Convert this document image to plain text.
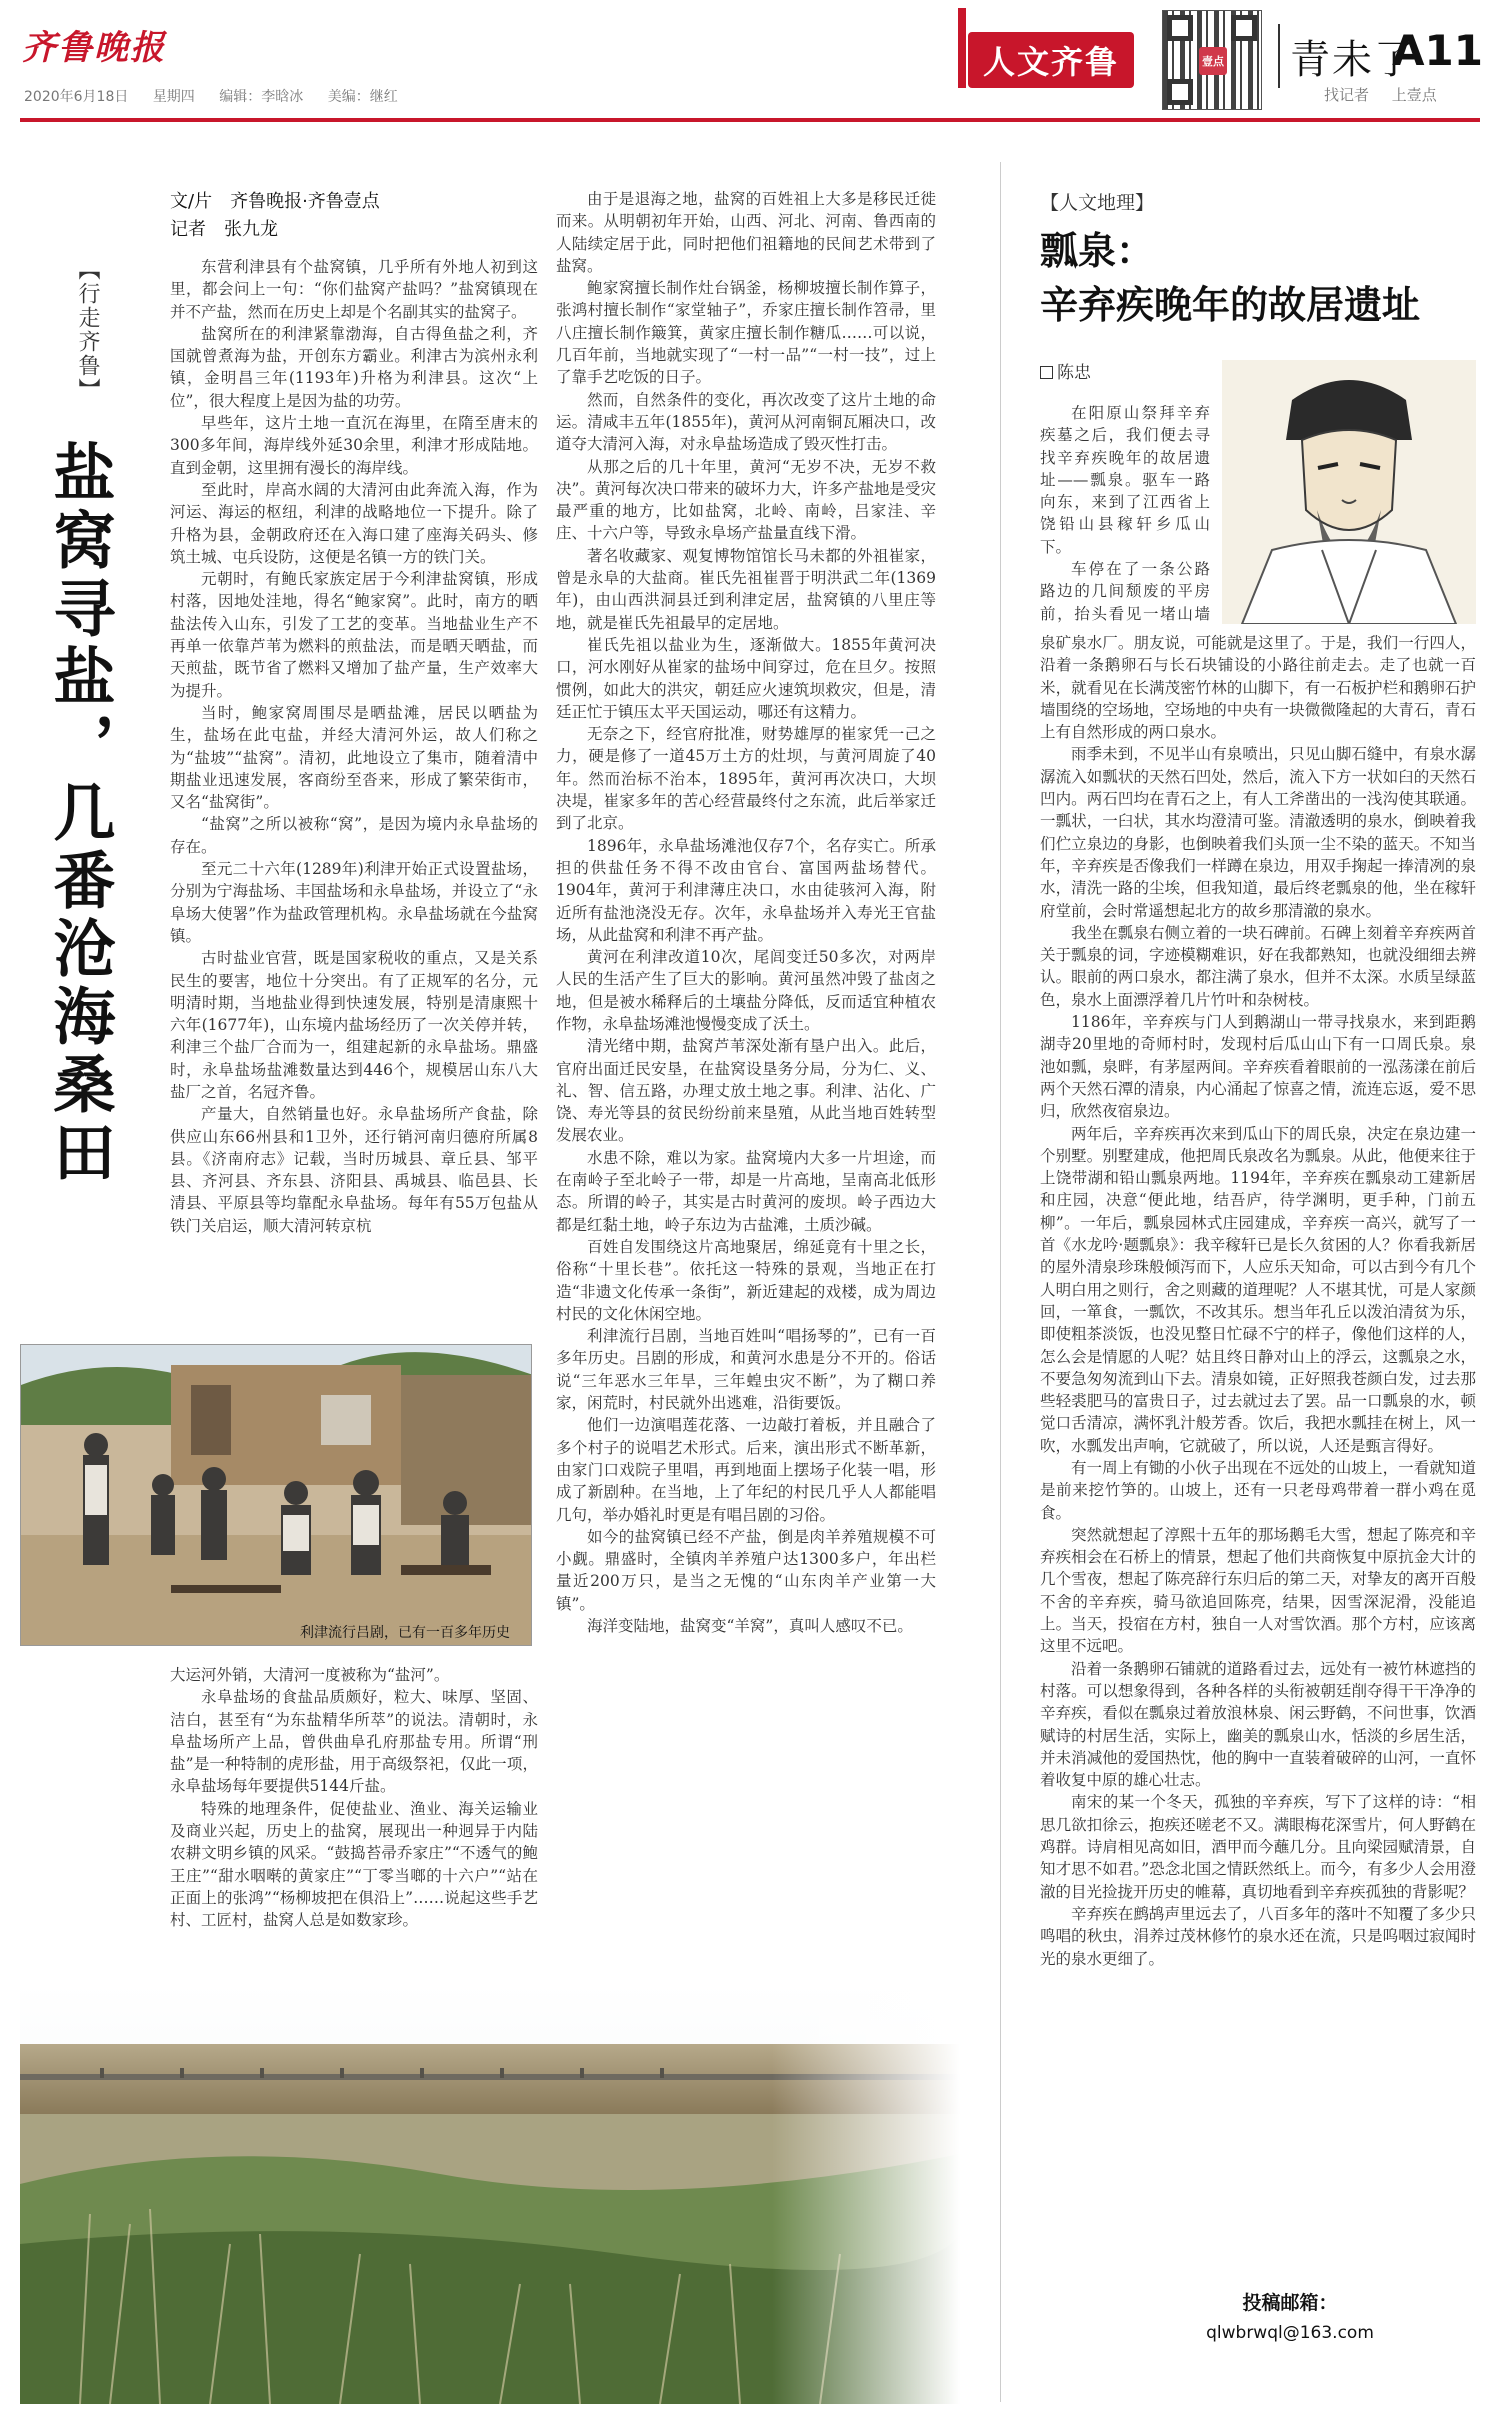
齐鲁晚报
2020年6月18日 星期四 编辑：李晗冰 美编：继红
人文齐鲁	壹点 青未了
A11
找记者 上壹点
【行走齐鲁】
盐窝寻盐，几番沧海桑田
文/片　齐鲁晚报·齐鲁壹点
记者　张九龙

东营利津县有个盐窝镇，几乎所有外地人初到这里，都会问上一句：“你们盐窝产盐吗？”盐窝镇现在并不产盐，然而在历史上却是个名副其实的盐窝子。

盐窝所在的利津紧靠渤海，自古得鱼盐之利，齐国就曾煮海为盐，开创东方霸业。利津古为滨州永利镇，金明昌三年(1193年)升格为利津县。这次“上位”，很大程度上是因为盐的功劳。

早些年，这片土地一直沉在海里，在隋至唐末的300多年间，海岸线外延30余里，利津才形成陆地。直到金朝，这里拥有漫长的海岸线。

至此时，岸高水阔的大清河由此奔流入海，作为河运、海运的枢纽，利津的战略地位一下提升。除了升格为县，金朝政府还在入海口建了座海关码头、修筑土城、屯兵设防，这便是名镇一方的铁门关。

元朝时，有鲍氏家族定居于今利津盐窝镇，形成村落，因地处洼地，得名“鲍家窝”。此时，南方的晒盐法传入山东，引发了工艺的变革。当地盐业生产不再单一依靠芦苇为燃料的煎盐法，而是晒天晒盐，而天煎盐，既节省了燃料又增加了盐产量，生产效率大为提升。

当时，鲍家窝周围尽是晒盐滩，居民以晒盐为生，盐场在此屯盐，并经大清河外运，故人们称之为“盐坡”“盐窝”。清初，此地设立了集市，随着清中期盐业迅速发展，客商纷至沓来，形成了繁荣街市，又名“盐窝街”。

“盐窝”之所以被称“窝”，是因为境内永阜盐场的存在。

至元二十六年(1289年)利津开始正式设置盐场，分别为宁海盐场、丰国盐场和永阜盐场，并设立了“永阜场大使署”作为盐政管理机构。永阜盐场就在今盐窝镇。

古时盐业官营，既是国家税收的重点，又是关系民生的要害，地位十分突出。有了正规军的名分，元明清时期，当地盐业得到快速发展，特别是清康熙十六年(1677年)，山东境内盐场经历了一次关停并转，利津三个盐厂合而为一，组建起新的永阜盐场。鼎盛时，永阜盐场盐滩数量达到446个，规模居山东八大盐厂之首，名冠齐鲁。

产量大，自然销量也好。永阜盐场所产食盐，除供应山东66州县和1卫外，还行销河南归德府所属8县。《济南府志》记载，当时历城县、章丘县、邹平县、齐河县、齐东县、济阳县、禹城县、临邑县、长清县、平原县等均靠配永阜盐场。每年有55万包盐从铁门关启运，顺大清河转京杭

利津流行吕剧，已有一百多年历史

大运河外销，大清河一度被称为“盐河”。

永阜盐场的食盐品质颇好，粒大、味厚、坚固、洁白，甚至有“为东盐精华所萃”的说法。清朝时，永阜盐场所产上品，曾供曲阜孔府那盐专用。所谓“刑盐”是一种特制的虎形盐，用于高级祭祀，仅此一项，永阜盐场每年要提供5144斤盐。

特殊的地理条件，促使盐业、渔业、海关运输业及商业兴起，历史上的盐窝，展现出一种迥异于内陆农耕文明乡镇的风采。“鼓捣苔帚乔家庄”“不透气的鲍王庄”“甜水咽啭的黄家庄”“丁零当啷的十六户”“站在正面上的张鸿”“杨柳坡把在俱沿上”……说起这些手艺村、工匠村，盐窝人总是如数家珍。

由于是退海之地，盐窝的百姓祖上大多是移民迁徙而来。从明朝初年开始，山西、河北、河南、鲁西南的人陆续定居于此，同时把他们祖籍地的民间艺术带到了盐窝。

鲍家窝擅长制作灶台锅釜，杨柳坡擅长制作算子，张鸿村擅长制作“家堂轴子”，乔家庄擅长制作笤帚，里八庄擅长制作簸箕，黄家庄擅长制作糖瓜……可以说，几百年前，当地就实现了“一村一品”“一村一技”，过上了靠手艺吃饭的日子。

然而，自然条件的变化，再次改变了这片土地的命运。清咸丰五年(1855年)，黄河从河南铜瓦厢决口，改道夺大清河入海，对永阜盐场造成了毁灭性打击。

从那之后的几十年里，黄河“无岁不决，无岁不救决”。黄河每次决口带来的破坏力大，许多产盐地是受灾最严重的地方，比如盐窝，北岭、南岭，吕家洼、辛庄、十六户等，导致永阜场产盐量直线下滑。

著名收藏家、观复博物馆馆长马未都的外祖崔家，曾是永阜的大盐商。崔氏先祖崔晋于明洪武二年(1369年)，由山西洪洞县迁到利津定居，盐窝镇的八里庄等地，就是崔氏先祖最早的定居地。

崔氏先祖以盐业为生，逐渐做大。1855年黄河决口，河水刚好从崔家的盐场中间穿过，危在旦夕。按照惯例，如此大的洪灾，朝廷应火速筑坝救灾，但是，清廷正忙于镇压太平天国运动，哪还有这精力。

无奈之下，经官府批准，财势雄厚的崔家凭一己之力，硬是修了一道45万土方的灶坝，与黄河周旋了40年。然而治标不治本，1895年，黄河再次决口，大坝决堤，崔家多年的苦心经营最终付之东流，此后举家迁到了北京。

1896年，永阜盐场滩池仅存7个，名存实亡。所承担的供盐任务不得不改由官台、富国两盐场替代。1904年，黄河于利津薄庄决口，水由徒骇河入海，附近所有盐池浇没无存。次年，永阜盐场并入寿光王官盐场，从此盐窝和利津不再产盐。

黄河在利津改道10次，尾闾变迁50多次，对两岸人民的生活产生了巨大的影响。黄河虽然冲毁了盐卤之地，但是被水稀释后的土壤盐分降低，反而适宜种植农作物，永阜盐场滩池慢慢变成了沃土。

清光绪中期，盐窝芦苇深处渐有垦户出入。此后，官府出面迁民安垦，在盐窝设垦务分局，分为仁、义、礼、智、信五路，办理丈放土地之事。利津、沾化、广饶、寿光等县的贫民纷纷前来垦殖，从此当地百姓转型发展农业。

水患不除，难以为家。盐窝境内大多一片坦途，而在南岭子至北岭子一带，却是一片高地，呈南高北低形态。所谓的岭子，其实是古时黄河的废坝。岭子西边大都是红黏土地，岭子东边为古盐滩，土质沙碱。

百姓自发围绕这片高地聚居，绵延竟有十里之长，俗称“十里长巷”。依托这一特殊的景观，当地正在打造“非遗文化传承一条街”，新近建起的戏楼，成为周边村民的文化休闲空地。

利津流行吕剧，当地百姓叫“唱扬琴的”，已有一百多年历史。吕剧的形成，和黄河水患是分不开的。俗话说“三年恶水三年旱，三年蝗虫灾不断”，为了糊口养家，闲荒时，村民就外出逃难，沿街要饭。

他们一边演唱莲花落、一边敲打着板，并且融合了多个村子的说唱艺术形式。后来，演出形式不断革新，由家门口戏院子里唱，再到地面上摆场子化装一唱，形成了新剧种。在当地，上了年纪的村民几乎人人都能唱几句，举办婚礼时更是有唱吕剧的习俗。

如今的盐窝镇已经不产盐，倒是肉羊养殖规模不可小觑。鼎盛时，全镇肉羊养殖户达1300多户，年出栏量近200万只，是当之无愧的“山东肉羊产业第一大镇”。

海洋变陆地，盐窝变“羊窝”，真叫人感叹不已。

【人文地理】
瓢泉：
辛弃疾晚年的故居遗址
陈忠

在阳原山祭拜辛弃疾墓之后，我们便去寻找辛弃疾晚年的故居遗址——瓢泉。驱车一路向东，来到了江西省上饶铅山县稼轩乡瓜山下。

车停在了一条公路路边的几间颓废的平房前，抬头看见一堵山墙

泉矿泉水厂。朋友说，可能就是这里了。于是，我们一行四人，沿着一条鹅卵石与长石块铺设的小路往前走去。走了也就一百米，就看见在长满茂密竹林的山脚下，有一石板护栏和鹅卵石护墙围绕的空场地，空场地的中央有一块微微隆起的大青石，青石上有自然形成的两口泉水。

雨季未到，不见半山有泉喷出，只见山脚石缝中，有泉水潺潺流入如瓢状的天然石凹处，然后，流入下方一状如臼的天然石凹内。两石凹均在青石之上，有人工斧凿出的一浅沟使其联通。一瓢状，一臼状，其水均澄清可鉴。清澈透明的泉水，倒映着我们伫立泉边的身影，也倒映着我们头顶一尘不染的蓝天。不知当年，辛弃疾是否像我们一样蹲在泉边，用双手掬起一捧清冽的泉水，清洗一路的尘埃，但我知道，最后终老瓢泉的他，坐在稼轩府堂前，会时常遥想起北方的故乡那清澈的泉水。

我坐在瓢泉右侧立着的一块石碑前。石碑上刻着辛弃疾两首关于瓢泉的词，字迹模糊难识，好在我都熟知，也就没细细去辨认。眼前的两口泉水，都注满了泉水，但并不太深。水质呈绿蓝色，泉水上面漂浮着几片竹叶和杂树枝。

1186年，辛弃疾与门人到鹅湖山一带寻找泉水，来到距鹅湖寺20里地的奇师村时，发现村后瓜山山下有一口周氏泉。泉池如瓢，泉畔，有茅屋两间。辛弃疾看着眼前的一泓荡漾在前后两个天然石潭的清泉，内心涌起了惊喜之情，流连忘返，爱不思归，欣然夜宿泉边。

两年后，辛弃疾再次来到瓜山下的周氏泉，决定在泉边建一个别墅。别墅建成，他把周氏泉改名为瓢泉。从此，他便来往于上饶带湖和铅山瓢泉两地。1194年，辛弃疾在瓢泉动工建新居和庄园，决意“便此地，结吾庐，待学渊明，更手种，门前五柳”。一年后，瓢泉园林式庄园建成，辛弃疾一高兴，就写了一首《水龙吟·题瓢泉》：我辛稼轩已是长久贫困的人？你看我新居的屋外清泉珍珠般倾泻而下，人应乐天知命，可以古到今有几个人明白用之则行，舍之则藏的道理呢？人不堪其忧，可是人家颜回，一箪食，一瓢饮，不改其乐。想当年孔丘以泼泊清贫为乐，即使粗茶淡饭，也没见整日忙碌不宁的样子，像他们这样的人，怎么会是情愿的人呢？姑且终日静对山上的浮云，这瓢泉之水，不要急匆匆流到山下去。清泉如镜，正好照我苍颜白发，过去那些轻裘肥马的富贵日子，过去就过去了罢。品一口瓢泉的水，顿觉口舌清凉，满怀乳汁般芳香。饮后，我把水瓢挂在树上，风一吹，水瓢发出声响，它就破了，所以说，人还是甄言得好。

有一周上有锄的小伙子出现在不远处的山坡上，一看就知道是前来挖竹笋的。山坡上，还有一只老母鸡带着一群小鸡在觅食。

突然就想起了淳熙十五年的那场鹅毛大雪，想起了陈亮和辛弃疾相会在石桥上的情景，想起了他们共商恢复中原抗金大计的几个雪夜，想起了陈亮辞行东归后的第二天，对挚友的离开百般不舍的辛弃疾，骑马欲追回陈亮，结果，因雪深泥滑，没能追上。当天，投宿在方村，独自一人对雪饮酒。那个方村，应该离这里不远吧。

沿着一条鹅卵石铺就的道路看过去，远处有一被竹林遮挡的村落。可以想象得到，各种各样的头衔被朝廷削夺得干干净净的辛弃疾，看似在瓢泉过着放浪林泉、闲云野鹤，不问世事，饮酒赋诗的村居生活，实际上，幽美的瓢泉山水，恬淡的乡居生活，并未消减他的爱国热忱，他的胸中一直装着破碎的山河，一直怀着收复中原的雄心壮志。

南宋的某一个冬天，孤独的辛弃疾，写下了这样的诗：“相思几欲扣徐云，抱疾还嗟老不又。满眼梅花深雪片，何人野鹤在鸡群。诗肩相见高如旧，酒甲而今蘸几分。且向梁园赋清景，自知才思不如君。”恐念北国之情跃然纸上。而今，有多少人会用澄澈的目光捡拢开历史的帷幕，真切地看到辛弃疾孤独的背影呢？

辛弃疾在鹧鸪声里远去了，八百多年的落叶不知覆了多少只鸣唱的秋虫，涓养过茂林修竹的泉水还在流，只是呜咽过寂闻时光的泉水更细了。

投稿邮箱：
qlwbrwql@163.com
